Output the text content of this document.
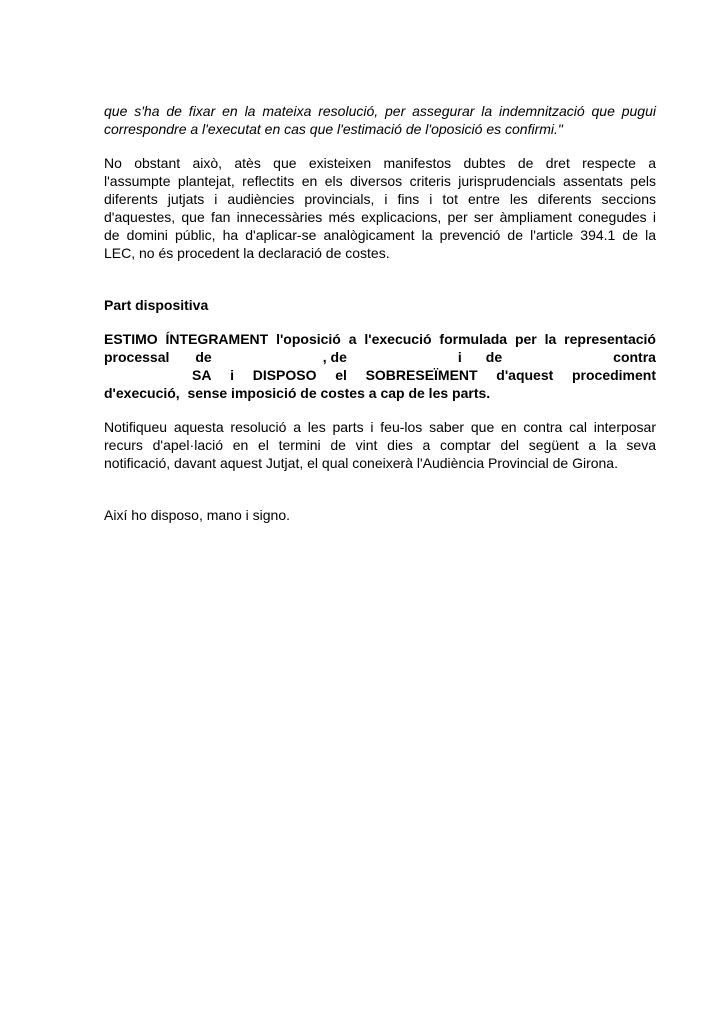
que s'ha de fixar en la mateixa resolució, per assegurar la indemnització que pugui
correspondre a l'executat en cas que l'estimació de l'oposició es confirmi."
No obstant això, atès que existeixen manifestos dubtes de dret respecte a
l'assumpte plantejat, reflectits en els diversos criteris jurisprudencials assentats pels
diferents jutjats i audiències provincials, i fins i tot entre les diferents seccions
d'aquestes, que fan innecessàries més explicacions, per ser àmpliament conegudes i
de domini públic, ha d'aplicar-se analògicament la prevenció de l'article 394.1 de la
LEC, no és procedent la declaració de costes.
Part dispositiva
ESTIMO ÍNTEGRAMENT l'oposició a l'execució formulada per la representació
processal de	, de	i de	contra
SA i DISPOSO el SOBRESEÏMENT d'aquest procediment
d'execució,  sense imposició de costes a cap de les parts.
Notifiqueu aquesta resolució a les parts i feu-los saber que en contra cal interposar
recurs d'apel·lació en el termini de vint dies a comptar del següent a la seva
notificació, davant aquest Jutjat, el qual coneixerà l'Audiència Provincial de Girona.
Així ho disposo, mano i signo.
